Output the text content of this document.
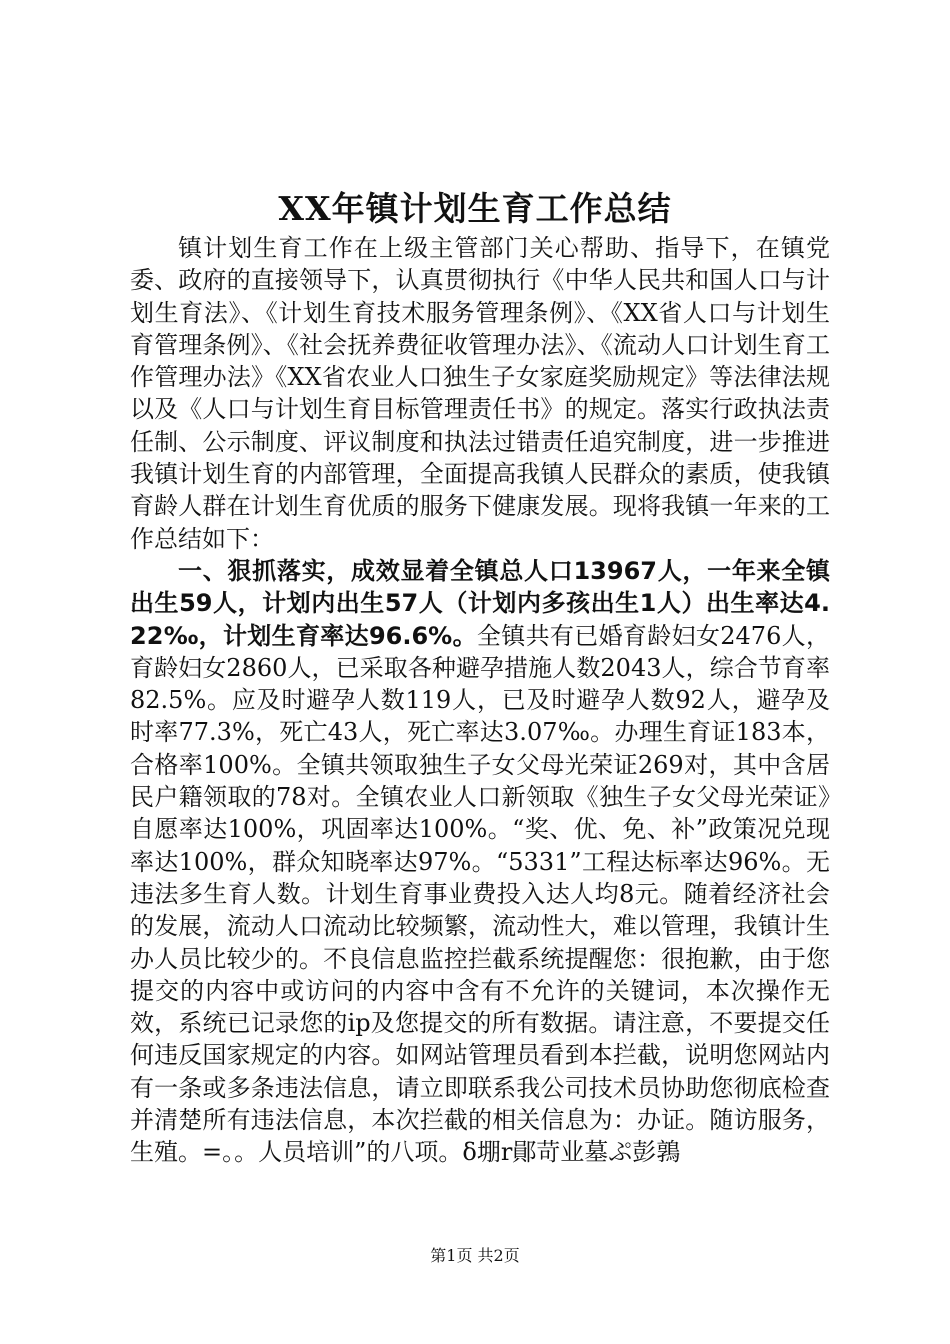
XX年镇计划生育工作总结

镇计划生育工作在上级主管部门关心帮助、指导下，在镇党委、政府的直接领导下，认真贯彻执行《中华人民共和国人口与计划生育法》、《计划生育技术服务管理条例》、《XX省人口与计划生育管理条例》、《社会抚养费征收管理办法》、《流动人口计划生育工作管理办法》《XX省农业人口独生子女家庭奖励规定》等法律法规以及《人口与计划生育目标管理责任书》的规定。落实行政执法责任制、公示制度、评议制度和执法过错责任追究制度，进一步推进我镇计划生育的内部管理，全面提高我镇人民群众的素质，使我镇育龄人群在计划生育优质的服务下健康发展。现将我镇一年来的工作总结如下：

一、狠抓落实，成效显着全镇总人口13967人，一年来全镇出生59人，计划内出生57人（计划内多孩出生1人）出生率达4.22‰，计划生育率达96.6%。全镇共有已婚育龄妇女2476人，育龄妇女2860人，已采取各种避孕措施人数2043人，综合节育率82.5%。应及时避孕人数119人，已及时避孕人数92人，避孕及时率77.3%，死亡43人，死亡率达3.07‰。办理生育证183本，合格率100%。全镇共领取独生子女父母光荣证269对，其中含居民户籍领取的78对。全镇农业人口新领取《独生子女父母光荣证》自愿率达100%，巩固率达100%。“奖、优、免、补”政策况兑现率达100%，群众知晓率达97%。“5331”工程达标率达96%。无违法多生育人数。计划生育事业费投入达人均8元。随着经济社会的发展，流动人口流动比较频繁，流动性大，难以管理，我镇计生办人员比较少的。不良信息监控拦截系统提醒您：很抱歉，由于您提交的内容中或访问的内容中含有不允许的关键词，本次操作无效，系统已记录您的ip及您提交的所有数据。请注意，不要提交任何违反国家规定的内容。如网站管理员看到本拦截，说明您网站内有一条或多条违法信息，请立即联系我公司技术员协助您彻底检查并清楚所有违法信息，本次拦截的相关信息为：办证。随访服务，生殖。=。。人员培训”的八项。δ堋r鄖苛业墓ぷ彭鶉

第1页 共2页
